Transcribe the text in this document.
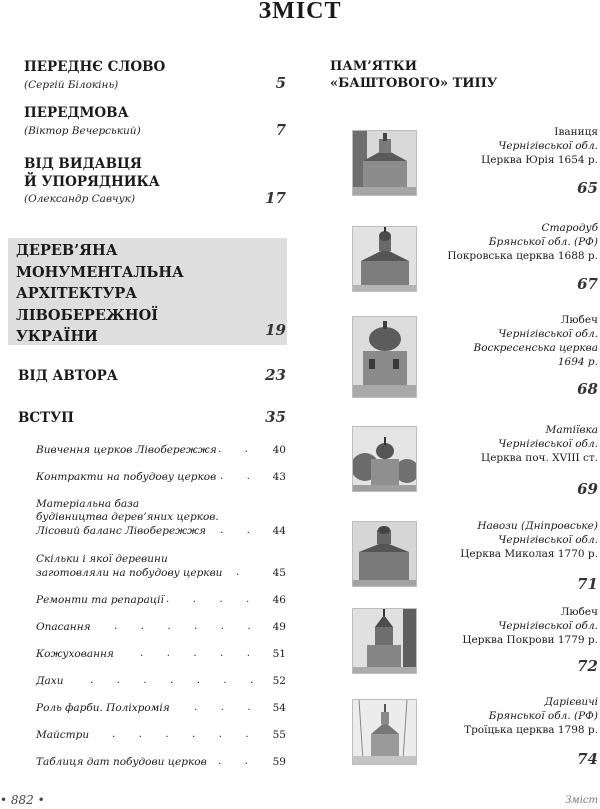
ЗМІСТ
ПЕРЕДНЄ СЛОВО
(Сергій Білокінь)	5
ПЕРЕДМОВА
(Віктор Вечерський)	7
ВІД ВИДАВЦЯ
Й УПОРЯДНИКА
(Олександр Савчук)	17
ДЕРЕВ’ЯНА
МОНУМЕНТАЛЬНА
АРХІТЕКТУРА
ЛІВОБЕРЕЖНОЇ
УКРАЇНИ	19
ВІД АВТОРА	23
ВСТУП	35
Вивчення церков Лівобережжя . .	40
Контракти на побудову церков . .	43
Матеріальна база
будівництва дерев’яних церков.
Лісовий баланс Лівобережжя . .	44
Скільки і якої деревини
заготовляли на побудову церкви .	45
Ремонти та репарації . . . .	46
Опасання . . . . . .	49
Кожуховання . . . . .	51
Дахи	. . . . . . . 52
Роль фарби. Поліхромія . . .	54
Майстри . . . . . .	55
Таблиця дат побудови церков . .	59
ПАМ’ЯТКИ
«БАШТОВОГО» ТИПУ
Іваниця
Чернігівської обл.
Церква Юрія 1654 р.
65
Стародуб
Брянської обл. (РФ)
Покровська церква 1688 р.
67
Любеч
Чернігівської обл.
Воскресенська церква
1694 р.
68
Матіївка
Чернігівської обл.
Церква поч. XVIII ст.
69
Навози (Дніпровське)
Чернігівської обл.
Церква Миколая 1770 р.
71
Любеч
Чернігівської обл.
Церква Покрови 1779 р.
72
Дарієвичі
Брянської обл. (РФ)
Троїцька церква 1798 р.
74
• 882 •	Зміст
